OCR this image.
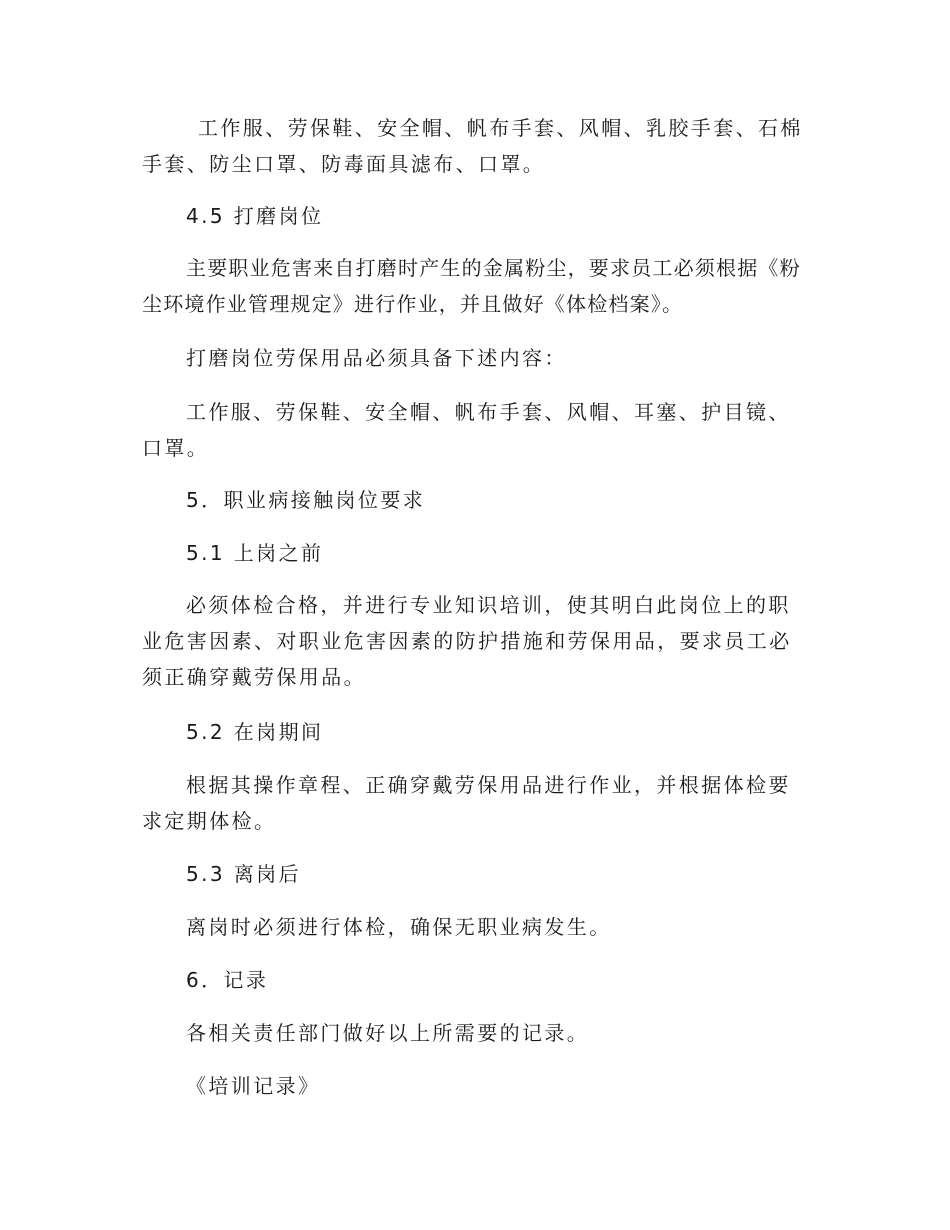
工作服、劳保鞋、安全帽、帆布手套、风帽、乳胶手套、石棉手套、防尘口罩、防毒面具滤布、口罩。

4.5 打磨岗位

主要职业危害来自打磨时产生的金属粉尘，要求员工必须根据《粉尘环境作业管理规定》进行作业，并且做好《体检档案》。

打磨岗位劳保用品必须具备下述内容：

工作服、劳保鞋、安全帽、帆布手套、风帽、耳塞、护目镜、口罩。

5．职业病接触岗位要求

5.1 上岗之前

必须体检合格，并进行专业知识培训，使其明白此岗位上的职业危害因素、对职业危害因素的防护措施和劳保用品，要求员工必须正确穿戴劳保用品。

5.2 在岗期间

根据其操作章程、正确穿戴劳保用品进行作业，并根据体检要求定期体检。

5.3 离岗后

离岗时必须进行体检，确保无职业病发生。

6．记录

各相关责任部门做好以上所需要的记录。

《培训记录》
